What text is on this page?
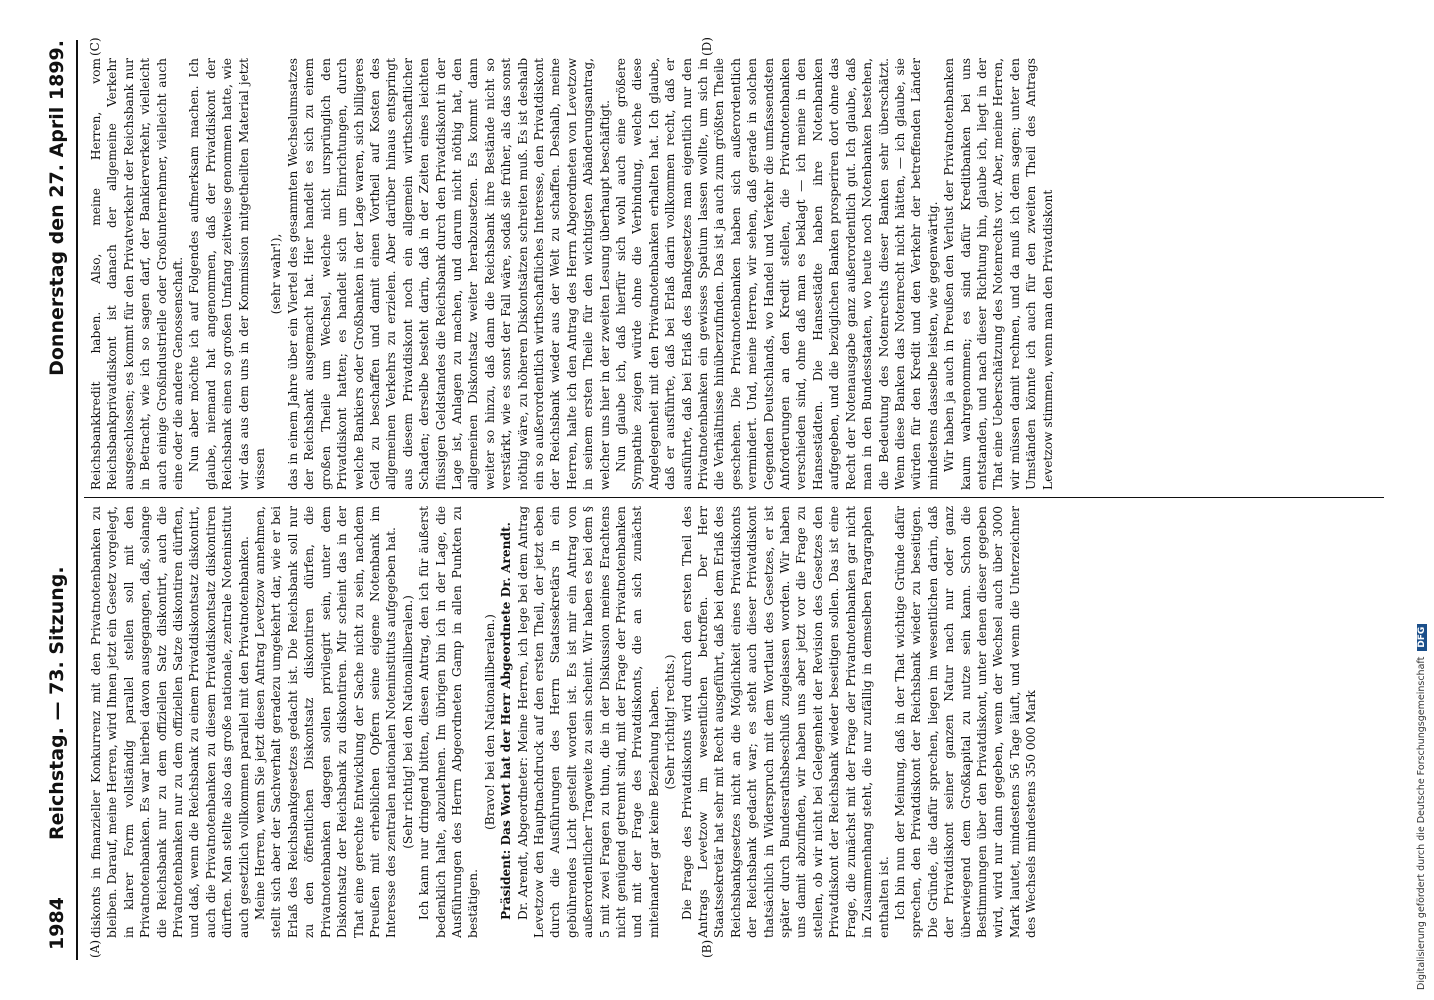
1984
Reichstag. — 73. Sitzung.
Donnerstag den 27. April 1899.
(A)	(B)
(C)	(D)

diskonts in finanzieller Konkurrenz mit den Privatnotenbanken zu bleiben. Darauf, meine Herren, wird Ihnen jetzt ein Gesetz vorgelegt, in klarer Form vollständig parallel stellen soll mit den Privatnotenbanken. Es war hierbei davon ausgegangen, daß, solange die Reichsbank nur zu dem offiziellen Satz diskontirt, auch die Privatnotenbanken nur zu dem offiziellen Satze diskontiren dürften, und daß, wenn die Reichsbank zu einem Privatdiskontsatz diskontirt, auch die Privatnotenbanken zu diesem Privatdiskontsatz diskontiren dürften. Man stellte also das große nationale, zentrale Noteninstitut auch gesetzlich vollkommen parallel mit den Privatnotenbanken. Meine Herren, wenn Sie jetzt diesen Antrag Levetzow annehmen, stellt sich aber der Sachverhalt geradezu umgekehrt dar, wie er bei Erlaß des Reichsbankgesetzes gedacht ist. Die Reichsbank soll nur zu den öffentlichen Diskontsatz diskontiren dürfen, die Privatnotenbanken dagegen sollen privilegirt sein, unter dem Diskontsatz der Reichsbank zu diskontiren. Mir scheint das in der That eine gerechte Entwicklung der Sache nicht zu sein, nachdem Preußen mit erheblichen Opfern seine eigene Notenbank im Interesse des zentralen nationalen Noteninstituts aufgegeben hat. (Sehr richtig! bei den Nationalliberalen.) Ich kann nur dringend bitten, diesen Antrag, den ich für äußerst bedenklich halte, abzulehnen. Im übrigen bin ich in der Lage, die Ausführungen des Herrn Abgeordneten Gamp in allen Punkten zu bestätigen.

(Bravo! bei den Nationalliberalen.) Präsident: Das Wort hat der Herr Abgeordnete Dr. Arendt. Dr. Arendt, Abgeordneter: Meine Herren, ich lege bei dem Antrag Levetzow den Hauptnachdruck auf den ersten Theil, der jetzt eben durch die Ausführungen des Herrn Staatssekretärs in ein gebührendes Licht gestellt worden ist. Es ist mir ein Antrag von außerordentlicher Tragweite zu sein scheint. Wir haben es bei dem § 5 mit zwei Fragen zu thun, die in der Diskussion meines Erachtens nicht genügend getrennt sind, mit der Frage der Privatnotenbanken und mit der Frage des Privatdiskonts, die an sich zunächst miteinander gar keine Beziehung haben. (Sehr richtig! rechts.) Die Frage des Privatdiskonts wird durch den ersten Theil des Antrags Levetzow im wesentlichen betroffen. Der Herr Staatssekretär hat sehr mit Recht ausgeführt, daß bei dem Erlaß des Reichsbankgesetzes nicht an die Möglichkeit eines Privatdiskonts der Reichsbank gedacht war; es steht auch dieser Privatdiskont thatsächlich in Widerspruch mit dem Wortlaut des Gesetzes, er ist später durch Bundesrathsbeschluß zugelassen worden. Wir haben uns damit abzufinden, wir haben uns aber jetzt vor die Frage zu stellen, ob wir nicht bei Gelegenheit der Revision des Gesetzes den Privatdiskont der Reichsbank wieder beseitigen sollen. Das ist eine Frage, die zunächst mit der Frage der Privatnotenbanken gar nicht in Zusammenhang steht, die nur zufällig in demselben Paragraphen enthalten ist. Ich bin nun der Meinung, daß in der That wichtige Gründe dafür sprechen, den Privatdiskont der Reichsbank wieder zu beseitigen. Die Gründe, die dafür sprechen, liegen im wesentlichen darin, daß der Privatdiskont seiner ganzen Natur nach nur oder ganz überwiegend dem Großkapital zu nutze sein kann. Schon die Bestimmungen über den Privatdiskont, unter denen dieser gegeben wird, wird nur dann gegeben, wenn der Wechsel auch über 3000 Mark lautet, mindestens 56 Tage läuft, und wenn die Unterzeichner des Wechsels mindestens 350 000 Mark

Reichsbankkredit haben. Also, meine Herren, vom Reichsbankprivatdiskont ist danach der allgemeine Verkehr ausgeschlossen; es kommt für den Privatverkehr der Reichsbank nur in Betracht, wie ich so sagen darf, der Bankierverkehr, vielleicht auch einige Großindustrielle oder Großunternehmer, vielleicht auch eine oder die andere Genossenschaft. Nun aber möchte ich auf Folgendes aufmerksam machen. Ich glaube, niemand hat angenommen, daß der Privatdiskont der Reichsbank einen so großen Umfang zeitweise genommen hatte, wie wir das aus dem uns in der Kommission mitgetheilten Material jetzt wissen

(sehr wahr!), das in einem Jahre über ein Viertel des gesammten Wechselumsatzes der Reichsbank ausgemacht hat. Hier handelt es sich zu einem großen Theile um Wechsel, welche nicht ursprünglich den Privatdiskont hatten; es handelt sich um Einrichtungen, durch welche Bankiers oder Großbanken in der Lage waren, sich billigeres Geld zu beschaffen und damit einen Vortheil auf Kosten des allgemeinen Verkehrs zu erzielen. Aber darüber hinaus entspringt aus diesem Privatdiskont noch ein allgemein wirthschaftlicher Schaden; derselbe besteht darin, daß in der Zeiten eines leichten flüssigen Geldstandes die Reichsbank durch den Privatdiskont in der Lage ist, Anlagen zu machen, und darum nicht nöthig hat, den allgemeinen Diskontsatz weiter herabzusetzen. Es kommt dann weiter so hinzu, daß dann die Reichsbank ihre Bestände nicht so verstärkt, wie es sonst der Fall wäre, sodaß sie früher, als das sonst nöthig wäre, zu höheren Diskontsätzen schreiten muß. Es ist deshalb ein so außerordentlich wirthschaftliches Interesse, den Privatdiskont der Reichsbank wieder aus der Welt zu schaffen. Deshalb, meine Herren, halte ich den Antrag des Herrn Abgeordneten von Levetzow in seinem ersten Theile für den wichtigsten Abänderungsantrag, welcher uns hier in der zweiten Lesung überhaupt beschäftigt. Nun glaube ich, daß hierfür sich wohl auch eine größere Sympathie zeigen würde ohne die Verbindung, welche diese Angelegenheit mit den Privatnotenbanken erhalten hat. Ich glaube, daß er ausführte, daß bei Erlaß darin vollkommen recht, daß er ausführte, daß bei Erlaß des Bankgesetzes man eigentlich nur den Privatnotenbanken ein gewisses Spatium lassen wollte, um sich in die Verhältnisse hinüberzufinden. Das ist ja auch zum größten Theile geschehen. Die Privatnotenbanken haben sich außerordentlich vermindert. Und, meine Herren, wir sehen, daß gerade in solchen Gegenden Deutschlands, wo Handel und Verkehr die umfassendsten Anforderungen an den Kredit stellen, die Privatnotenbanken verschieden sind, ohne daß man es beklagt — ich meine in den Hansestädten. Die Hansestädte haben ihre Notenbanken aufgegeben, und die bezüglichen Banken prosperiren dort ohne das Recht der Notenausgabe ganz außerordentlich gut. Ich glaube, daß man in den Bundesstaaten, wo heute noch Notenbanken bestehen, die Bedeutung des Notenrechts dieser Banken sehr überschätzt. Wenn diese Banken das Notenrecht nicht hätten, — ich glaube, sie würden für den Kredit und den Verkehr der betreffenden Länder mindestens dasselbe leisten, wie gegenwärtig. Wir haben ja auch in Preußen den Verlust der Privatnotenbanken kaum wahrgenommen; es sind dafür Kreditbanken bei uns entstanden, und nach dieser Richtung hin, glaube ich, liegt in der That eine Ueberschätzung des Notenrechts vor. Aber, meine Herren, wir müssen damit rechnen, und da muß ich dem sagen; unter den Umständen könnte ich auch für den zweiten Theil des Antrags Levetzow stimmen, wenn man den Privatdiskont

Digitalisierung gefördert durch die Deutsche ForschungsgemeinschaftDFG
